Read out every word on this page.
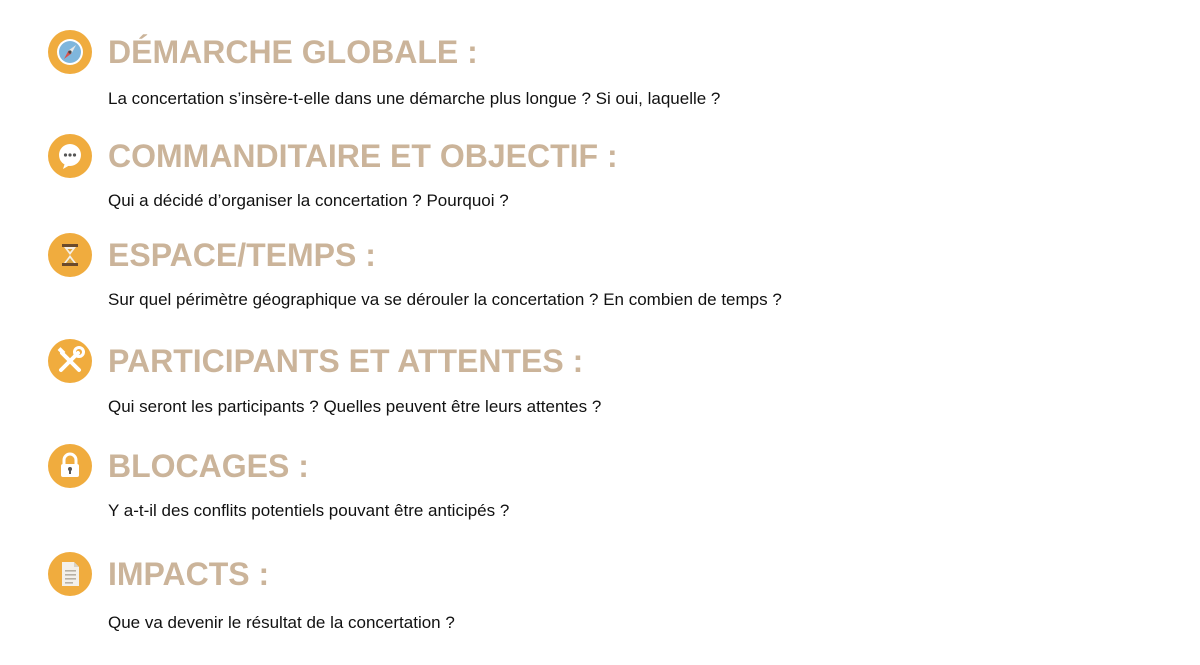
DÉMARCHE GLOBALE :

La concertation s’insère-t-elle dans une démarche plus longue ? Si oui, laquelle ?

COMMANDITAIRE ET OBJECTIF :

Qui a décidé d’organiser la concertation ? Pourquoi ?

ESPACE/TEMPS :

Sur quel périmètre géographique va se dérouler la concertation ? En combien de temps ?

PARTICIPANTS ET ATTENTES :

Qui seront les participants ? Quelles peuvent être leurs attentes ?

BLOCAGES :

Y a-t-il des conflits potentiels pouvant être anticipés ?

IMPACTS :

Que va devenir le résultat de la concertation ?
